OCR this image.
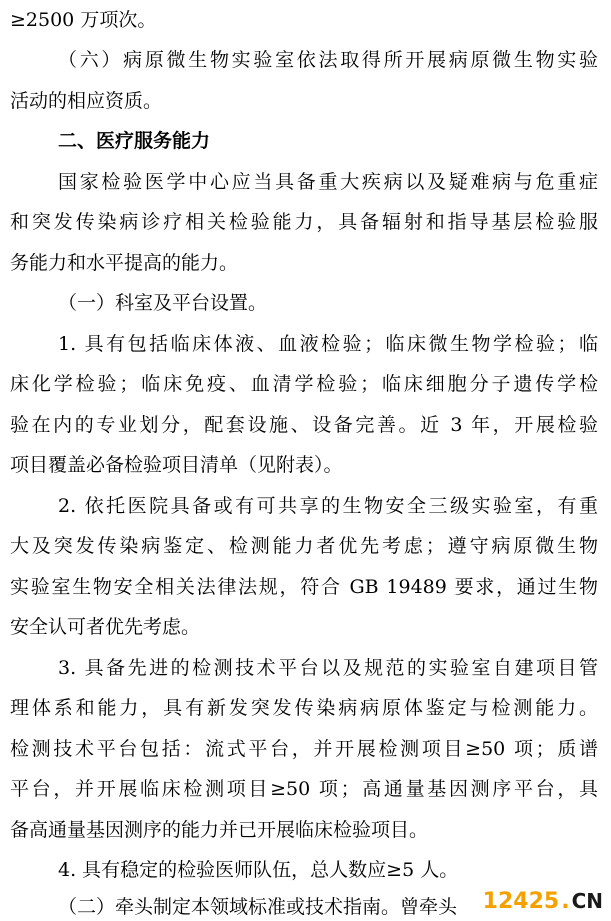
≥2500 万项次。
（六）病原微生物实验室依法取得所开展病原微生物实验
活动的相应资质。
二、医疗服务能力
国家检验医学中心应当具备重大疾病以及疑难病与危重症
和突发传染病诊疗相关检验能力，具备辐射和指导基层检验服
务能力和水平提高的能力。
（一）科室及平台设置。
1. 具有包括临床体液、血液检验；临床微生物学检验；临
床化学检验；临床免疫、血清学检验；临床细胞分子遗传学检
验在内的专业划分，配套设施、设备完善。近 3 年，开展检验
项目覆盖必备检验项目清单（见附表）。
2. 依托医院具备或有可共享的生物安全三级实验室，有重
大及突发传染病鉴定、检测能力者优先考虑；遵守病原微生物
实验室生物安全相关法律法规，符合 GB 19489 要求，通过生物
安全认可者优先考虑。
3. 具备先进的检测技术平台以及规范的实验室自建项目管
理体系和能力，具有新发突发传染病病原体鉴定与检测能力。
检测技术平台包括：流式平台，并开展检测项目≥50 项；质谱
平台，并开展临床检测项目≥50 项；高通量基因测序平台，具
备高通量基因测序的能力并已开展临床检验项目。
4. 具有稳定的检验医师队伍，总人数应≥5 人。
（二）牵头制定本领域标准或技术指南。曾牵头 12425 . CN
